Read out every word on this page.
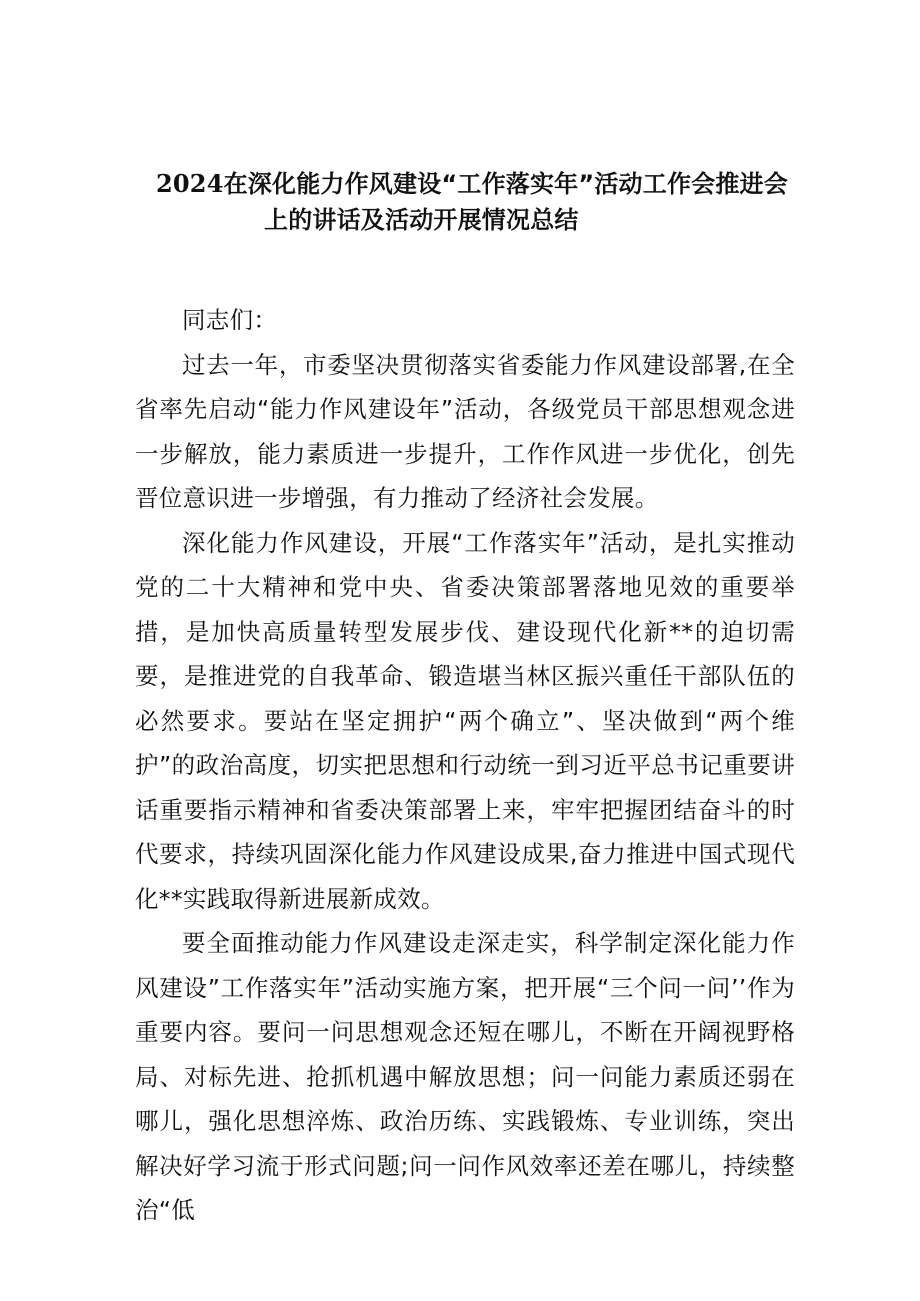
2024在深化能力作风建设“工作落实年”活动工作会推进会
上的讲话及活动开展情况总结

同志们：

过去一年，市委坚决贯彻落实省委能力作风建设部署,在全省率先启动“能力作风建设年”活动，各级党员干部思想观念进一步解放，能力素质进一步提升，工作作风进一步优化，创先晋位意识进一步增强，有力推动了经济社会发展。

深化能力作风建设，开展“工作落实年”活动，是扎实推动党的二十大精神和党中央、省委决策部署落地见效的重要举措，是加快高质量转型发展步伐、建设现代化新**的迫切需要，是推进党的自我革命、锻造堪当林区振兴重任干部队伍的必然要求。要站在坚定拥护“两个确立”、坚决做到“两个维护”的政治高度，切实把思想和行动统一到习近平总书记重要讲话重要指示精神和省委决策部署上来，牢牢把握团结奋斗的时代要求，持续巩固深化能力作风建设成果,奋力推进中国式现代化**实践取得新进展新成效。

要全面推动能力作风建设走深走实，科学制定深化能力作风建设”工作落实年”活动实施方案，把开展“三个问一问’’作为重要内容。要问一问思想观念还短在哪儿，不断在开阔视野格局、对标先进、抢抓机遇中解放思想；问一问能力素质还弱在哪儿，强化思想淬炼、政治历练、实践锻炼、专业训练，突出解决好学习流于形式问题;问一问作风效率还差在哪儿，持续整治“低
